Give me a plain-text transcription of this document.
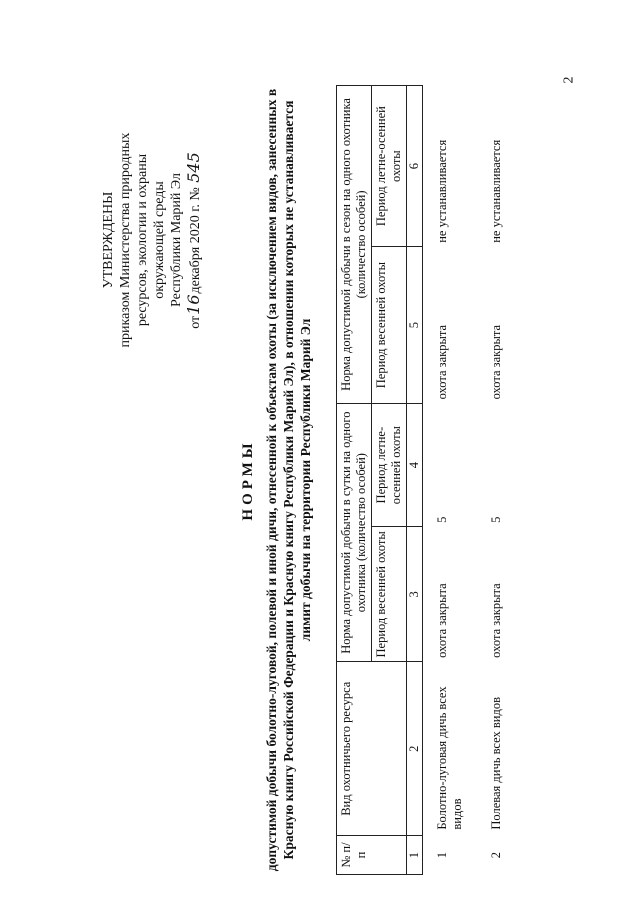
2
УТВЕРЖДЕНЫ приказом Министерства природных ресурсов, экологии и охраны окружающей среды Республики Марий Эл
от16декабря 2020 г. № 545
НОРМЫ допустимой добычи болотно-луговой, полевой и иной дичи, отнесенной к объектам охоты (за исключением видов, занесенных в Красную книгу Российской Федерации и Красную книгу Республики Марий Эл), в отношении которых не устанавливается лимит добычи на территории Республики Марий Эл
№ п/п	Вид охотничьего ресурса	Норма допустимой добычи в сутки на одного охотника (количество особей)		Норма допустимой добычи в сезон на одного охотника (количество особей)	
		Период весенней охоты	Период летне-осенней охоты	Период весенней охоты	Период летне-осенней охоты
1	2	3	4	5	6
1	Болотно-луговая дичь всех видов	охота закрыта	5	охота закрыта	не устанавливается
2	Полевая дичь всех видов	охота закрыта	5	охота закрыта	не устанавливается
